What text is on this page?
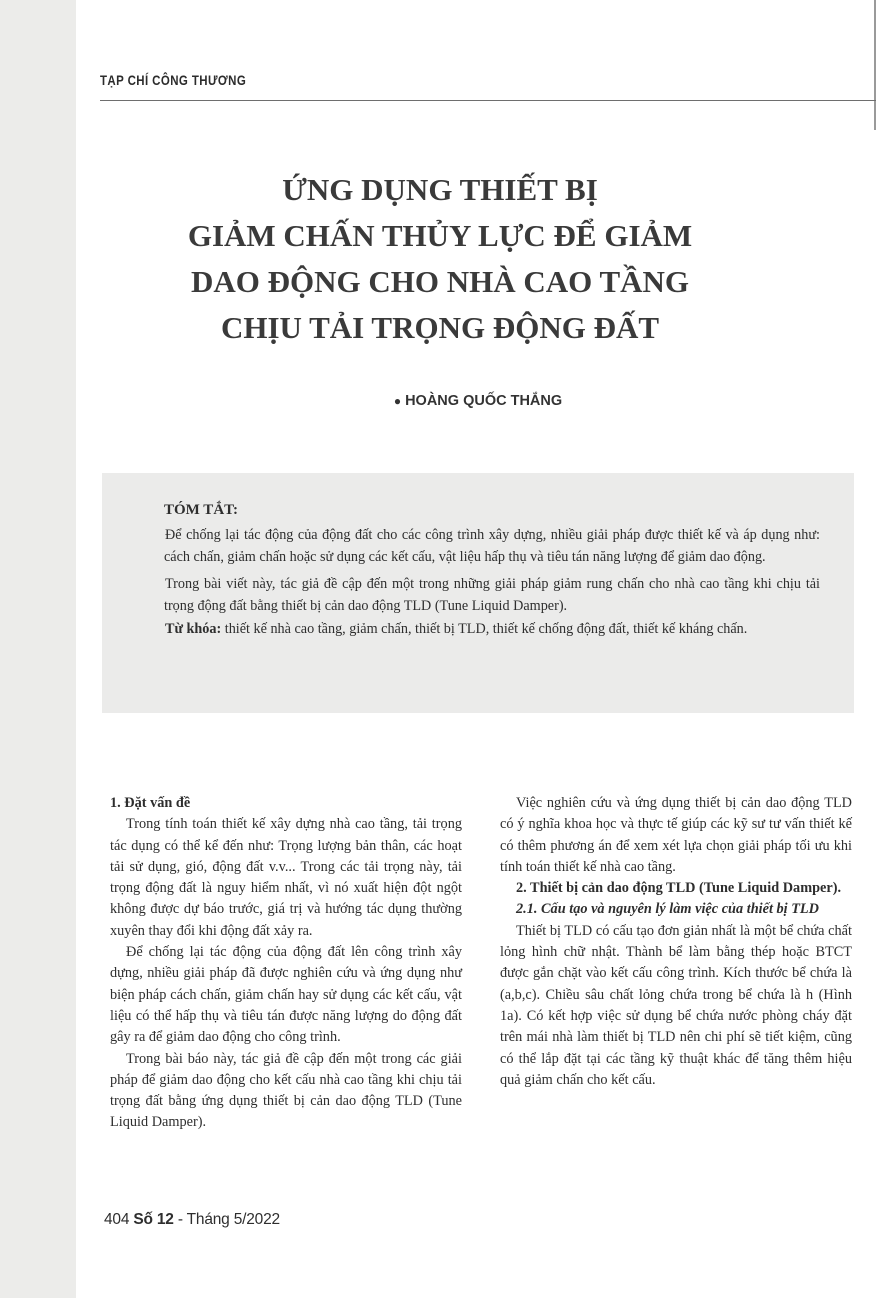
TẠP CHÍ CÔNG THƯƠNG
ỨNG DỤNG THIẾT BỊ
GIẢM CHẤN THỦY LỰC ĐỂ GIẢM
DAO ĐỘNG CHO NHÀ CAO TẦNG
CHỊU TẢI TRỌNG ĐỘNG ĐẤT
● HOÀNG QUỐC THẮNG
TÓM TẮT:

Để chống lại tác động của động đất cho các công trình xây dựng, nhiều giải pháp được thiết kế và áp dụng như: cách chấn, giảm chấn hoặc sử dụng các kết cấu, vật liệu hấp thụ và tiêu tán năng lượng để giảm dao động.

Trong bài viết này, tác giả đề cập đến một trong những giải pháp giảm rung chấn cho nhà cao tầng khi chịu tải trọng động đất bằng thiết bị cản dao động TLD (Tune Liquid Damper).

Từ khóa: thiết kế nhà cao tầng, giảm chấn, thiết bị TLD, thiết kế chống động đất, thiết kế kháng chấn.

1. Đặt vấn đề

Trong tính toán thiết kế xây dựng nhà cao tầng, tải trọng tác dụng có thể kể đến như: Trọng lượng bản thân, các hoạt tải sử dụng, gió, động đất v.v... Trong các tải trọng này, tải trọng động đất là nguy hiểm nhất, vì nó xuất hiện đột ngột không được dự báo trước, giá trị và hướng tác dụng thường xuyên thay đổi khi động đất xảy ra.

Để chống lại tác động của động đất lên công trình xây dựng, nhiều giải pháp đã được nghiên cứu và ứng dụng như biện pháp cách chấn, giảm chấn hay sử dụng các kết cấu, vật liệu có thể hấp thụ và tiêu tán được năng lượng do động đất gây ra để giảm dao động cho công trình.

Trong bài báo này, tác giả đề cập đến một trong các giải pháp để giảm dao động cho kết cấu nhà cao tầng khi chịu tải trọng đất bằng ứng dụng thiết bị cản dao động TLD (Tune Liquid Damper).

Việc nghiên cứu và ứng dụng thiết bị cản dao động TLD có ý nghĩa khoa học và thực tế giúp các kỹ sư tư vấn thiết kế có thêm phương án để xem xét lựa chọn giải pháp tối ưu khi tính toán thiết kế nhà cao tầng.

2. Thiết bị cản dao động TLD (Tune Liquid Damper).

2.1. Cấu tạo và nguyên lý làm việc của thiết bị TLD

Thiết bị TLD có cấu tạo đơn giản nhất là một bể chứa chất lỏng hình chữ nhật. Thành bể làm bằng thép hoặc BTCT được gắn chặt vào kết cấu công trình. Kích thước bể chứa là (a,b,c). Chiều sâu chất lỏng chứa trong bể chứa là h (Hình 1a). Có kết hợp việc sử dụng bể chứa nước phòng cháy đặt trên mái nhà làm thiết bị TLD nên chi phí sẽ tiết kiệm, cũng có thể lắp đặt tại các tầng kỹ thuật khác để tăng thêm hiệu quả giảm chấn cho kết cấu.

404 Số 12 - Tháng 5/2022
